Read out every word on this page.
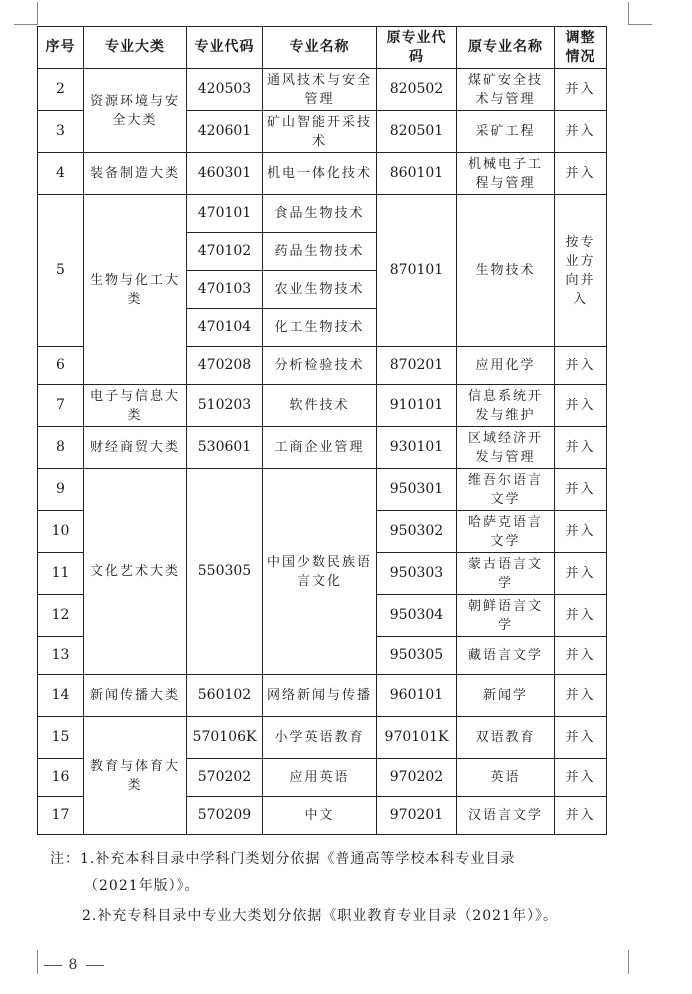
序号	专业大类	专业代码	专业名称	原专业代码	原专业名称	调整情况
2	资源环境与安全大类	420503	通风技术与安全管理	820502	煤矿安全技术与管理	并入
3		420601	矿山智能开采技术	820501	采矿工程	并入
4	装备制造大类	460301	机电一体化技术	860101	机械电子工程与管理	并入
5	生物与化工大类	470101	食品生物技术	870101	生物技术	按专业方向并入
		470102	药品生物技术			
		470103	农业生物技术			
		470104	化工生物技术			
6		470208	分析检验技术	870201	应用化学	并入
7	电子与信息大类	510203	软件技术	910101	信息系统开发与维护	并入
8	财经商贸大类	530601	工商企业管理	930101	区域经济开发与管理	并入
9	文化艺术大类	550305	中国少数民族语言文化	950301	维吾尔语言文学	并入
10				950302	哈萨克语言文学	并入
11				950303	蒙古语言文学	并入
12				950304	朝鲜语言文学	并入
13				950305	藏语言文学	并入
14	新闻传播大类	560102	网络新闻与传播	960101	新闻学	并入
15	教育与体育大类	570106K	小学英语教育	970101K	双语教育	并入
16		570202	应用英语	970202	英语	并入
17		570209	中文	970201	汉语言文学	并入
注：1.补充本科目录中学科门类划分依据《普通高等学校本科专业目录
（2021年版）》。
2.补充专科目录中专业大类划分依据《职业教育专业目录（2021年）》。
8
